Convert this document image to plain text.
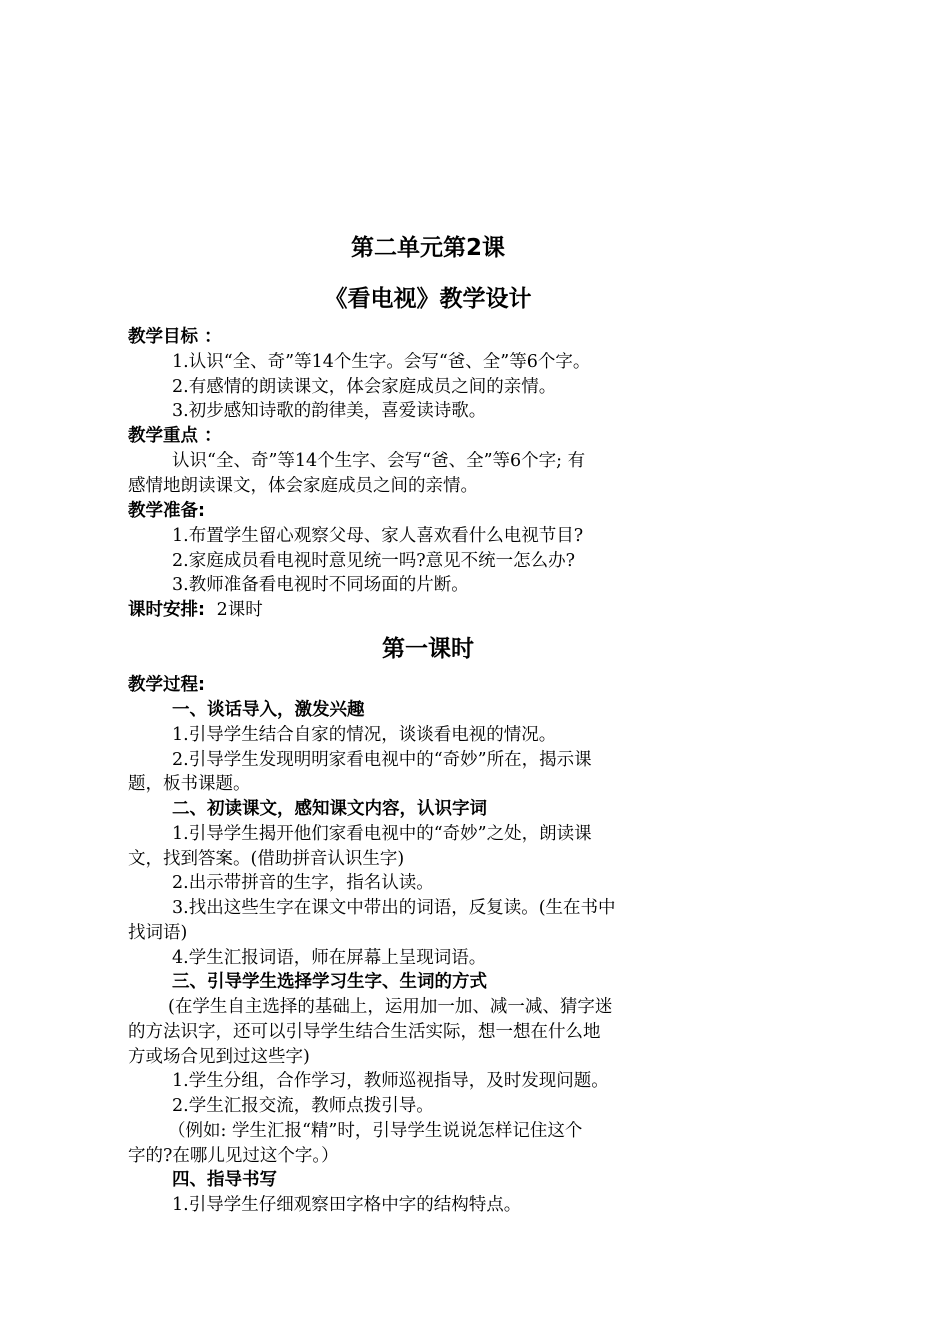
第二单元第2课
《看电视》教学设计
教学目标 ：
1.认识“全、奇”等14个生字。会写“爸、全”等6个字。
2.有感情的朗读课文，体会家庭成员之间的亲情。
3.初步感知诗歌的韵律美，喜爱读诗歌。
教学重点 ：
认识“全、奇”等14个生字、会写“爸、全”等6个字; 有
感情地朗读课文，体会家庭成员之间的亲情。
教学准备:
1.布置学生留心观察父母、家人喜欢看什么电视节目?
2.家庭成员看电视时意见统一吗?意见不统一怎么办?
3.教师准备看电视时不同场面的片断。
课时安排: 2课时
第一课时
教学过程:
一、谈话导入，激发兴趣
1.引导学生结合自家的情况，谈谈看电视的情况。
2.引导学生发现明明家看电视中的“奇妙”所在，揭示课
题，板书课题。
二、初读课文，感知课文内容，认识字词
1.引导学生揭开他们家看电视中的“奇妙”之处，朗读课
文，找到答案。(借助拼音认识生字)
2.出示带拼音的生字，指名认读。
3.找出这些生字在课文中带出的词语，反复读。(生在书中
找词语)
4.学生汇报词语，师在屏幕上呈现词语。
三、引导学生选择学习生字、生词的方式
(在学生自主选择的基础上，运用加一加、减一减、猜字迷
的方法识字，还可以引导学生结合生活实际，想一想在什么地
方或场合见到过这些字)
1.学生分组，合作学习，教师巡视指导，及时发现问题。
2.学生汇报交流，教师点拨引导。
（例如: 学生汇报“精”时，引导学生说说怎样记住这个
字的?在哪儿见过这个字。）
四、指导书写
1.引导学生仔细观察田字格中字的结构特点。
